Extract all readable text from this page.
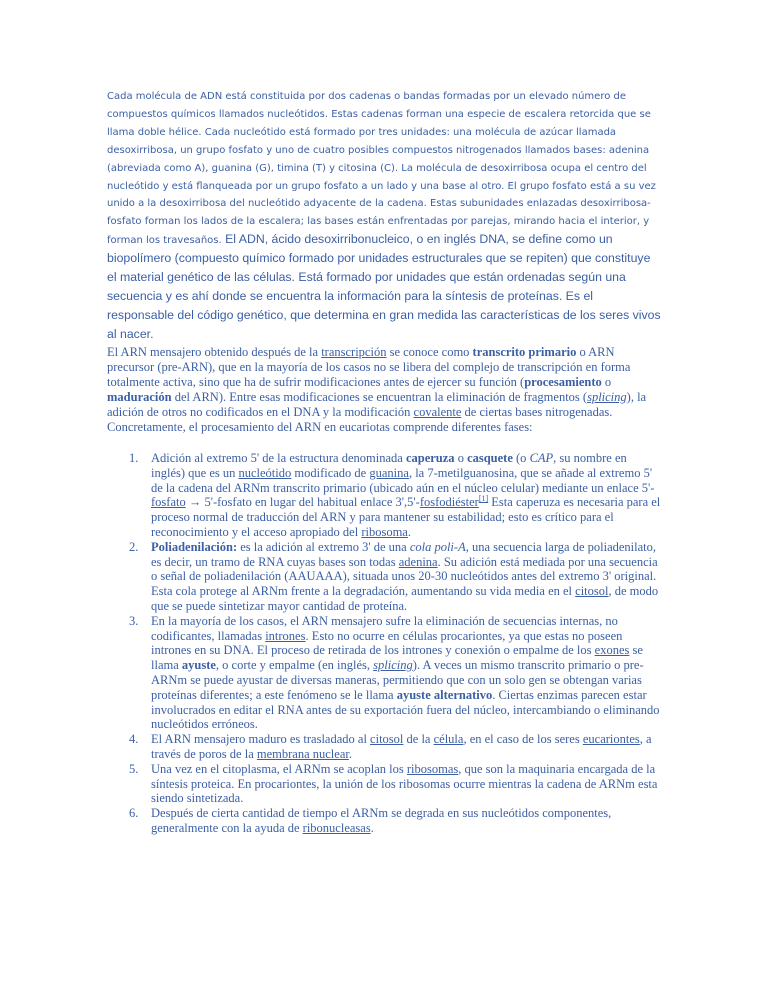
Cada molécula de ADN está constituida por dos cadenas o bandas formadas por un elevado número de compuestos químicos llamados nucleótidos. Estas cadenas forman una especie de escalera retorcida que se llama doble hélice. Cada nucleótido está formado por tres unidades: una molécula de azúcar llamada desoxirribosa, un grupo fosfato y uno de cuatro posibles compuestos nitrogenados llamados bases: adenina (abreviada como A), guanina (G), timina (T) y citosina (C). La molécula de desoxirribosa ocupa el centro del nucleótido y está flanqueada por un grupo fosfato a un lado y una base al otro. El grupo fosfato está a su vez unido a la desoxirribosa del nucleótido adyacente de la cadena. Estas subunidades enlazadas desoxirribosa-fosfato forman los lados de la escalera; las bases están enfrentadas por parejas, mirando hacia el interior, y forman los travesaños. El ADN, ácido desoxirribonucleico, o en inglés DNA, se define como un biopolímero (compuesto químico formado por unidades estructurales que se repiten) que constituye el material genético de las células. Está formado por unidades que están ordenadas según una secuencia y es ahí donde se encuentra la información para la síntesis de proteínas. Es el responsable del código genético, que determina en gran medida las características de los seres vivos al nacer.

El ARN mensajero obtenido después de la transcripción se conoce como transcrito primario o ARN precursor (pre-ARN), que en la mayoría de los casos no se libera del complejo de transcripción en forma totalmente activa, sino que ha de sufrir modificaciones antes de ejercer su función (procesamiento o maduración del ARN). Entre esas modificaciones se encuentran la eliminación de fragmentos (splicing), la adición de otros no codificados en el DNA y la modificación covalente de ciertas bases nitrogenadas. Concretamente, el procesamiento del ARN en eucariotas comprende diferentes fases:

1. Adición al extremo 5' de la estructura denominada caperuza o casquete (o CAP, su nombre en inglés) que es un nucleótido modificado de guanina, la 7-metilguanosina, que se añade al extremo 5' de la cadena del ARNm transcrito primario (ubicado aún en el núcleo celular) mediante un enlace 5'-fosfato → 5'-fosfato en lugar del habitual enlace 3',5'-fosfodiéster[1] Esta caperuza es necesaria para el proceso normal de traducción del ARN y para mantener su estabilidad; esto es crítico para el reconocimiento y el acceso apropiado del ribosoma.
2. Poliadenilación: es la adición al extremo 3' de una cola poli-A, una secuencia larga de poliadenilato, es decir, un tramo de RNA cuyas bases son todas adenina. Su adición está mediada por una secuencia o señal de poliadenilación (AAUAAA), situada unos 20-30 nucleótidos antes del extremo 3' original. Esta cola protege al ARNm frente a la degradación, aumentando su vida media en el citosol, de modo que se puede sintetizar mayor cantidad de proteína.
3. En la mayoría de los casos, el ARN mensajero sufre la eliminación de secuencias internas, no codificantes, llamadas intrones. Esto no ocurre en células procariontes, ya que estas no poseen intrones en su DNA. El proceso de retirada de los intrones y conexión o empalme de los exones se llama ayuste, o corte y empalme (en inglés, splicing). A veces un mismo transcrito primario o pre-ARNm se puede ayustar de diversas maneras, permitiendo que con un solo gen se obtengan varias proteínas diferentes; a este fenómeno se le llama ayuste alternativo. Ciertas enzimas parecen estar involucrados en editar el RNA antes de su exportación fuera del núcleo, intercambiando o eliminando nucleótidos erróneos.
4. El ARN mensajero maduro es trasladado al citosol de la célula, en el caso de los seres eucariontes, a través de poros de la membrana nuclear.
5. Una vez en el citoplasma, el ARNm se acoplan los ribosomas, que son la maquinaria encargada de la síntesis proteica. En procariontes, la unión de los ribosomas ocurre mientras la cadena de ARNm esta siendo sintetizada.
6. Después de cierta cantidad de tiempo el ARNm se degrada en sus nucleótidos componentes, generalmente con la ayuda de ribonucleasas.
